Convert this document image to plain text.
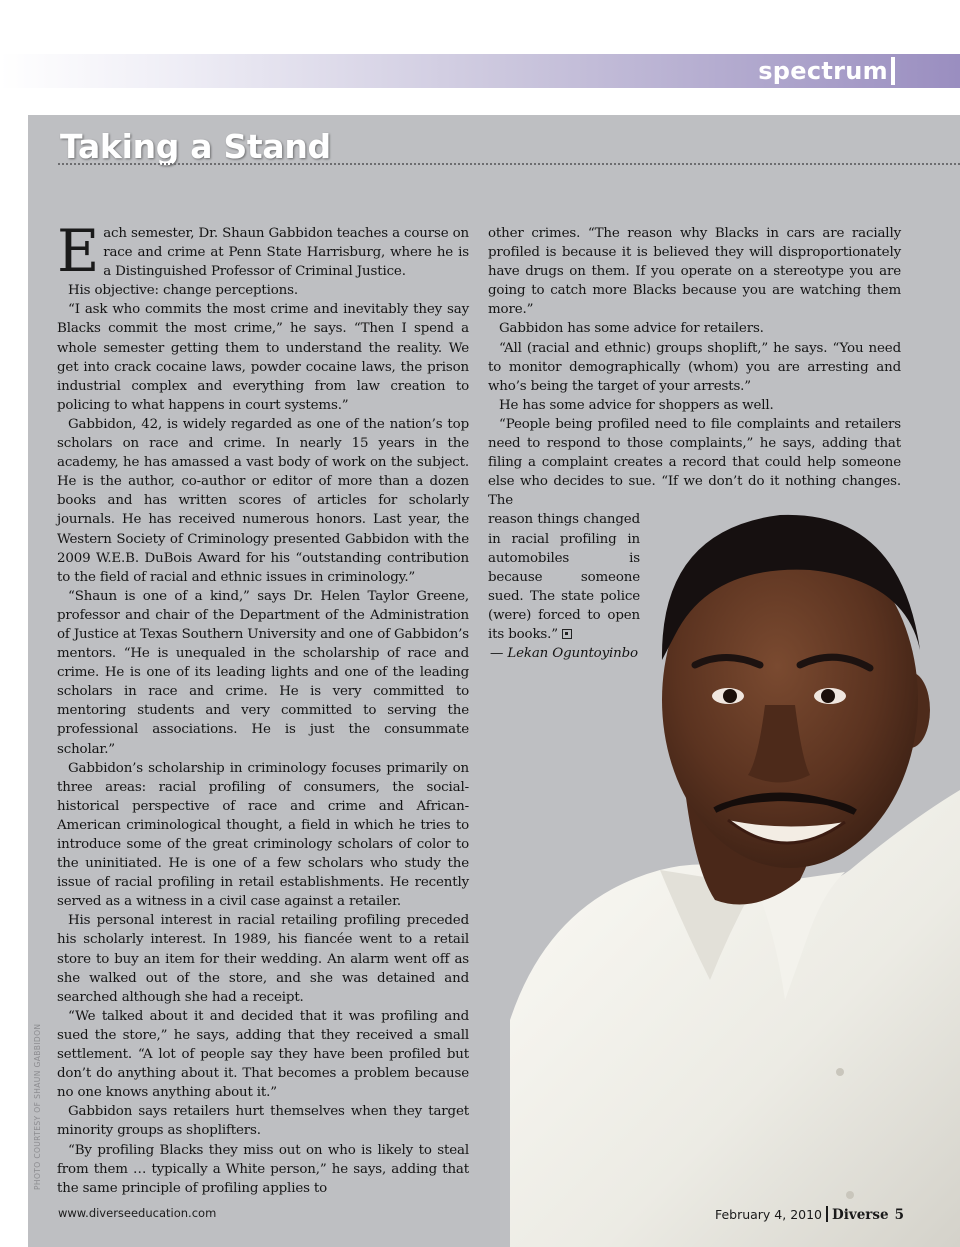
spectrum
Taking a Stand

Each semester, Dr. Shaun Gabbidon teaches a course on race and crime at Penn State Harrisburg, where he is a Distinguished Professor of Criminal Justice.

His objective: change perceptions.

“I ask who commits the most crime and inevitably they say Blacks commit the most crime,” he says. “Then I spend a whole semester getting them to understand the reality. We get into crack cocaine laws, powder cocaine laws, the prison industrial complex and everything from law creation to policing to what happens in court systems.”

Gabbidon, 42, is widely regarded as one of the nation’s top scholars on race and crime. In nearly 15 years in the academy, he has amassed a vast body of work on the subject. He is the author, co-author or editor of more than a dozen books and has written scores of articles for scholarly journals. He has received numerous honors. Last year, the Western Society of Criminology presented Gabbidon with the 2009 W.E.B. DuBois Award for his “outstanding contribution to the field of racial and ethnic issues in criminology.”

“Shaun is one of a kind,” says Dr. Helen Taylor Greene, professor and chair of the Department of the Administration of Justice at Texas Southern University and one of Gabbidon’s mentors. “He is unequaled in the scholarship of race and crime. He is one of its leading lights and one of the leading scholars in race and crime. He is very committed to mentoring students and very committed to serving the professional associations. He is just the consummate scholar.”

Gabbidon’s scholarship in criminology focuses primarily on three areas: racial profiling of consumers, the social-historical perspective of race and crime and African-American criminological thought, a field in which he tries to introduce some of the great criminology scholars of color to the uninitiated. He is one of a few scholars who study the issue of racial profiling in retail establishments. He recently served as a witness in a civil case against a retailer.

His personal interest in racial retailing profiling preceded his scholarly interest. In 1989, his fiancée went to a retail store to buy an item for their wedding. An alarm went off as she walked out of the store, and she was detained and searched although she had a receipt.

“We talked about it and decided that it was profiling and sued the store,” he says, adding that they received a small settlement. “A lot of people say they have been profiled but don’t do anything about it. That becomes a problem because no one knows anything about it.”

Gabbidon says retailers hurt themselves when they target minority groups as shoplifters.

“By profiling Blacks they miss out on who is likely to steal from them … typically a White person,” he says, adding that the same principle of profiling applies to

other crimes. “The reason why Blacks in cars are racially profiled is because it is believed they will disproportionately have drugs on them. If you operate on a stereotype you are going to catch more Blacks because you are watching them more.”

Gabbidon has some advice for retailers.

“All (racial and ethnic) groups shoplift,” he says. “You need to monitor demographically (whom) you are arresting and who’s being the target of your arrests.”

He has some advice for shoppers as well.

“People being profiled need to file complaints and retailers need to respond to those complaints,” he says, adding that filing a complaint creates a record that could help someone else who decides to sue. “If we don’t do it nothing changes. The

reason things changed in racial profiling in automobiles is because someone sued. The state police (were) forced to open its books.”

— Lekan Oguntoyinbo

PHOTO COURTESY OF SHAUN GABBIDON
www.diverseeducation.com	February 4, 2010 Diverse 5
